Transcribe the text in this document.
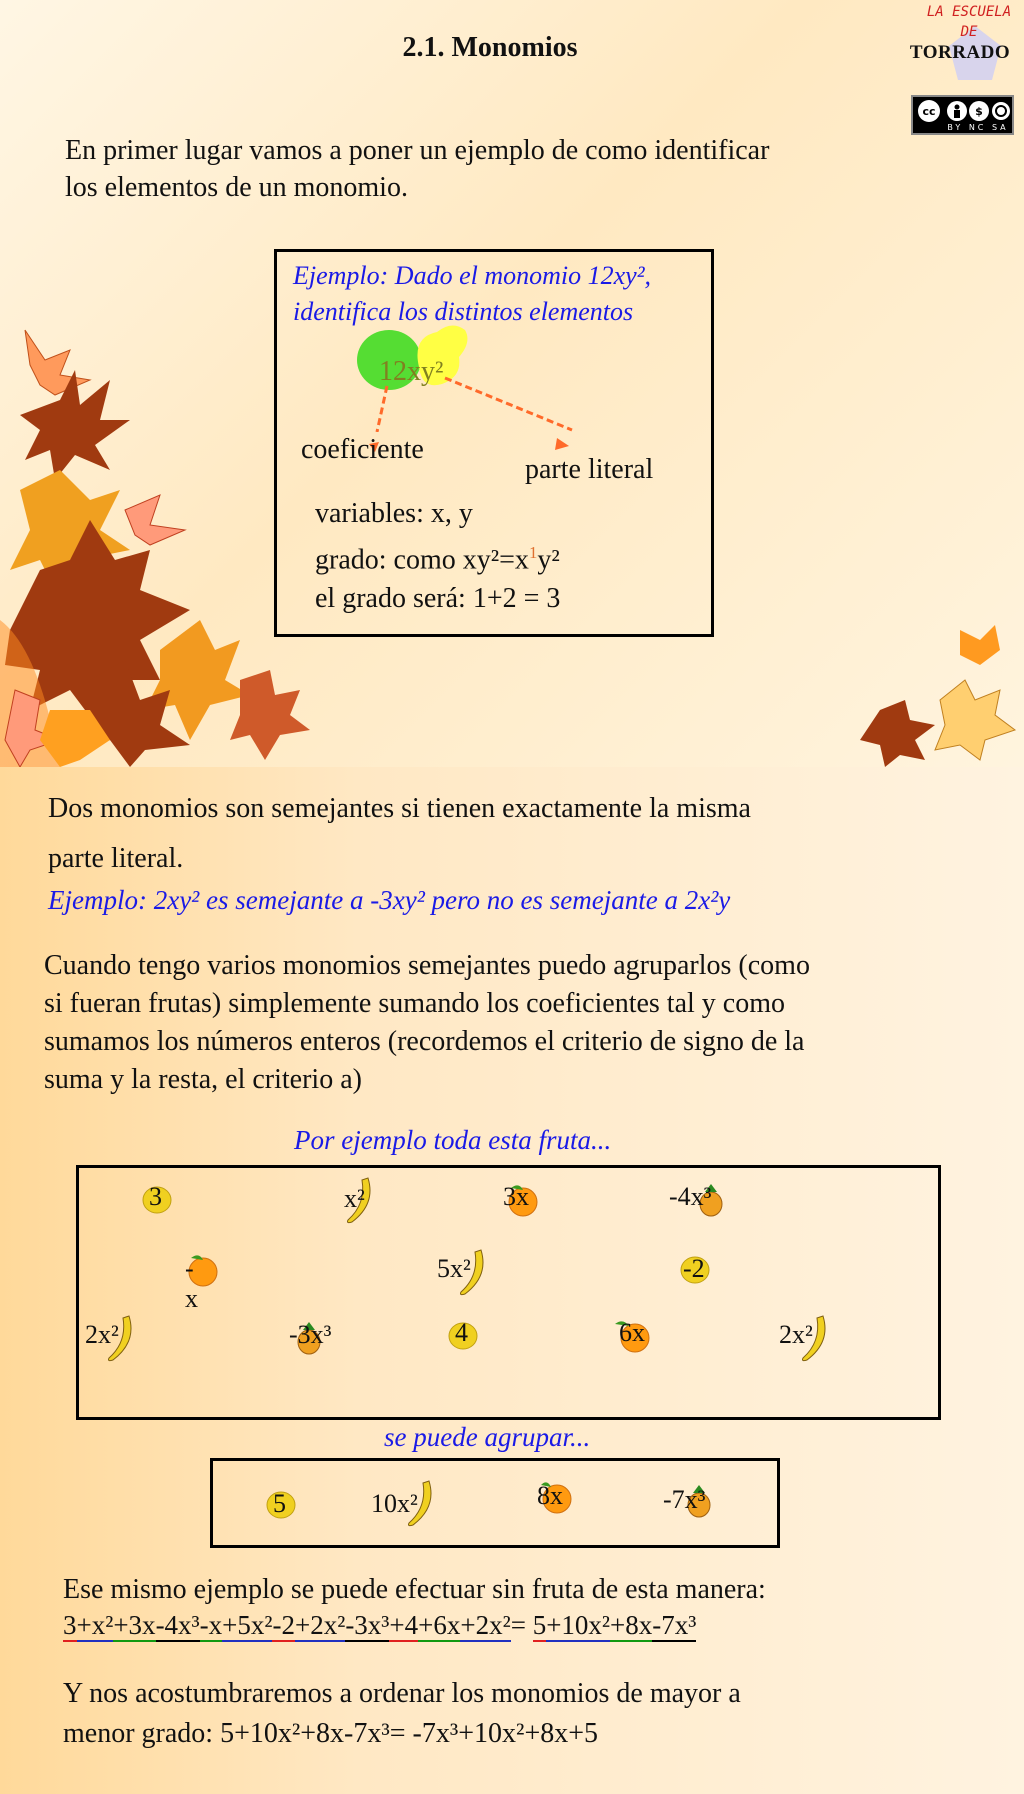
2.1. Monomios
LA ESCUELA
DE
TORRADO
cc	$
BY NC SA
En primer lugar vamos a poner un ejemplo de como identificar
los elementos de un monomio.
Ejemplo: Dado el monomio 12xy²,
identifica los distintos elementos
12xy²
coeficiente
parte literal
variables: x, y
grado: como $xy^2=x^1y^2$
el grado será: 1+2 = 3
Dos monomios son semejantes si tienen exactamente la misma
parte literal.
Ejemplo: 2xy² es semejante a -3xy² pero no es semejante a 2x²y
Cuando tengo varios monomios semejantes puedo agruparlos (como
si fueran frutas) simplemente sumando los coeficientes tal y como
sumamos los números enteros (recordemos el criterio de signo de la
suma y la resta, el criterio a)
Por ejemplo toda esta fruta...
3	x²	3x	-4x³
-x
5x²	-2
2x²	-3x³	4	6x	2x²
se puede agrupar...
5	10x²	8x	-7x³
Ese mismo ejemplo se puede efectuar sin fruta de esta manera:
3+x²+3x-4x³-x+5x²-2+2x²-3x³+4+6x+2x²= 5+10x²+8x-7x³
Y nos acostumbraremos a ordenar los monomios de mayor a
menor grado: 5+10x²+8x-7x³= -7x³+10x²+8x+5
